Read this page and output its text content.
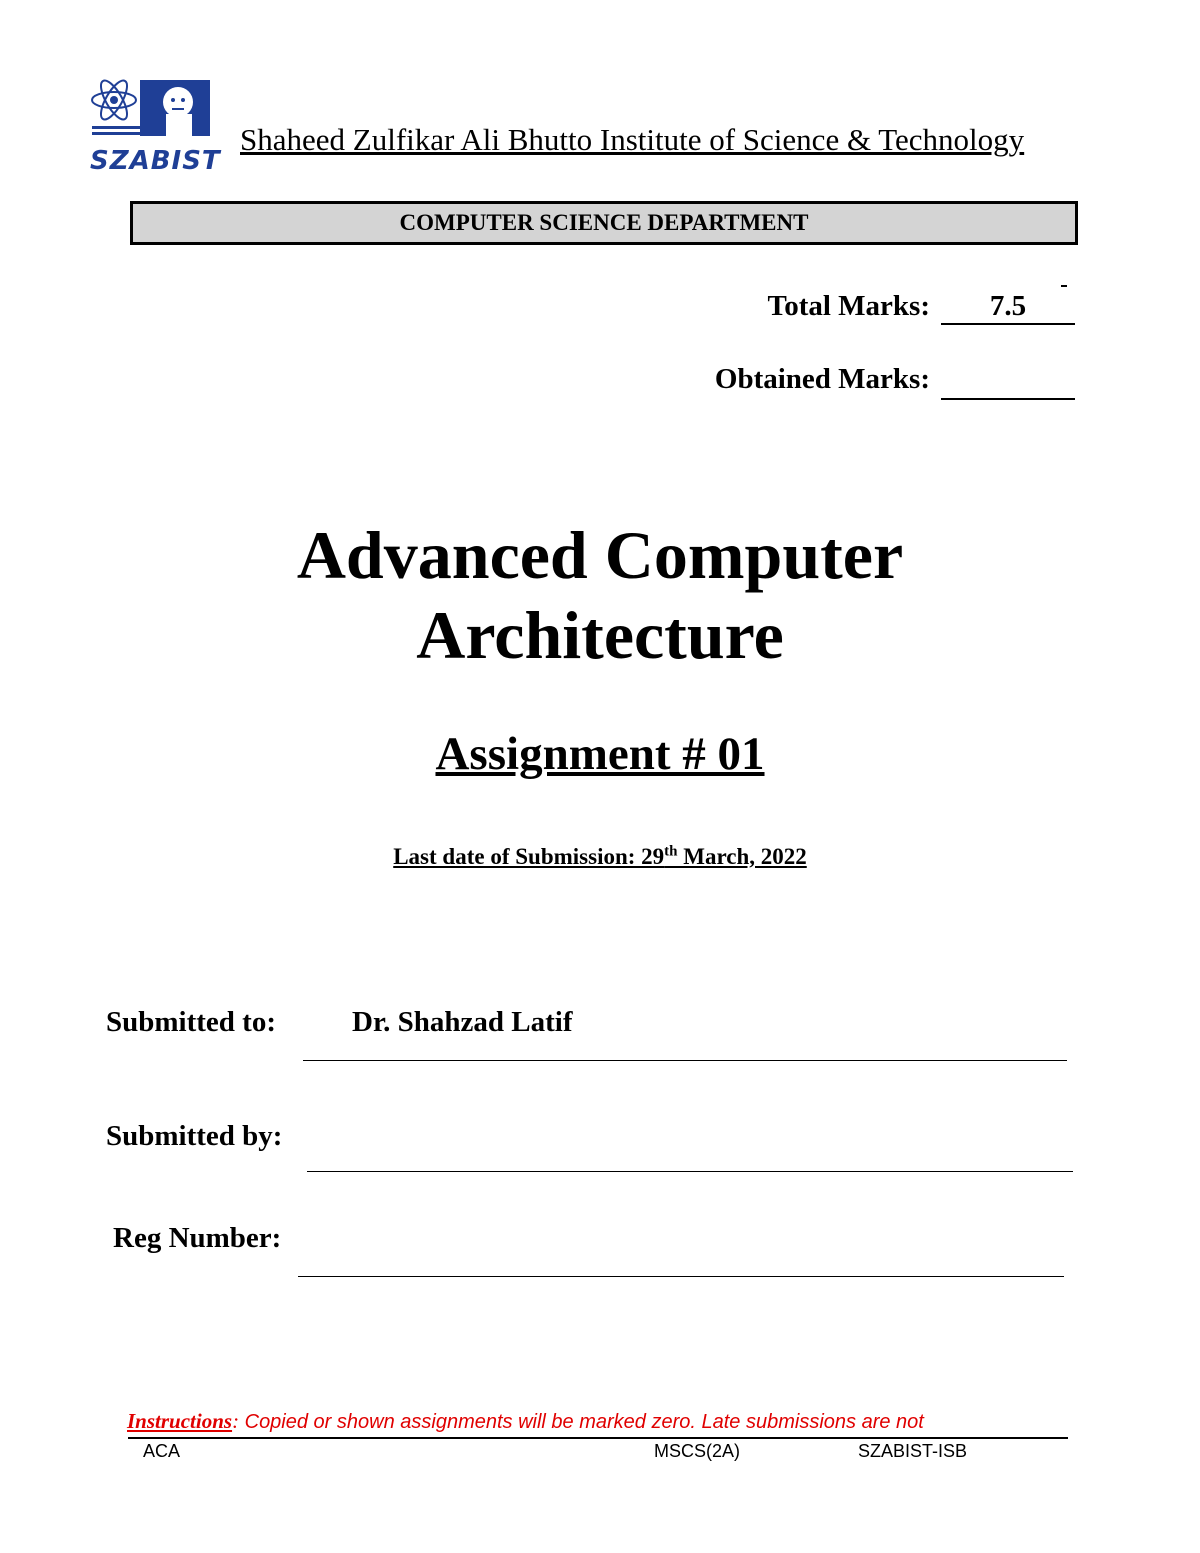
SZABIST
Shaheed Zulfikar Ali Bhutto Institute of Science & Technology
COMPUTER SCIENCE DEPARTMENT
Total Marks:	7.5
Obtained Marks:
Advanced Computer
Architecture
Assignment # 01
Last date of Submission: 29th March, 2022
Submitted to:	Dr. Shahzad Latif
Submitted by:
Reg Number:
Instructions: Copied or shown assignments will be marked zero. Late submissions are not
ACA	MSCS(2A)	SZABIST-ISB
